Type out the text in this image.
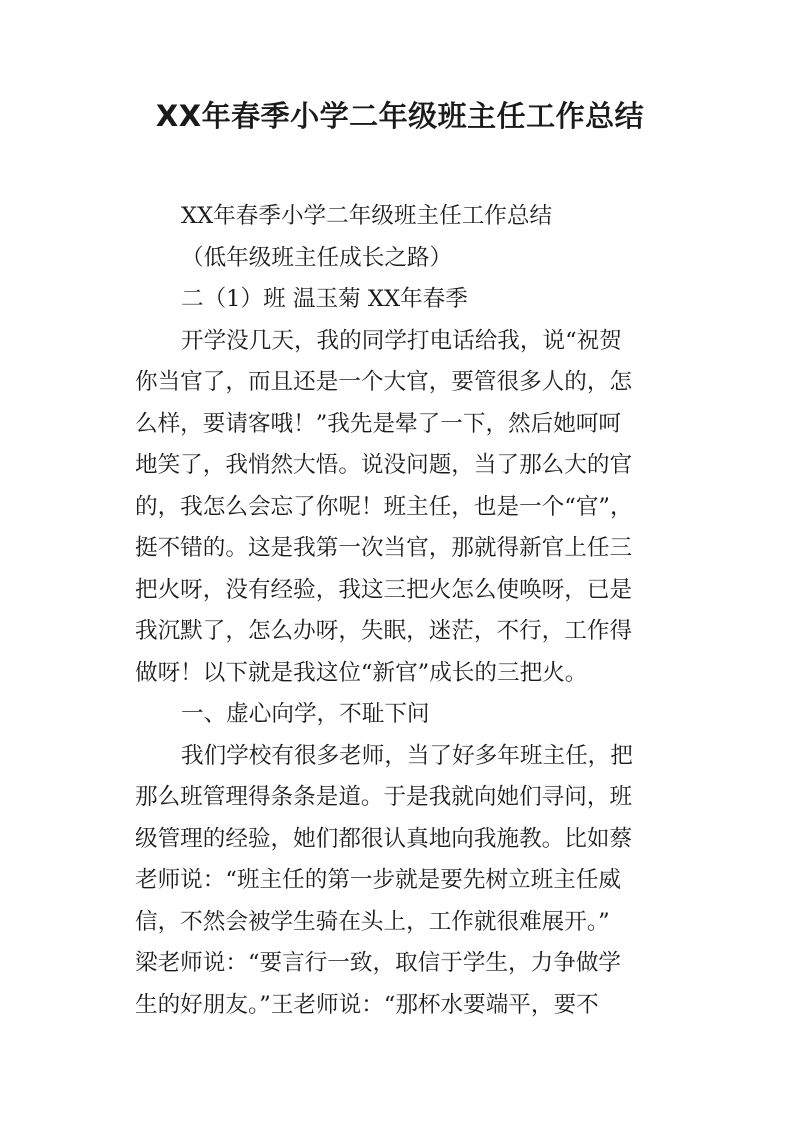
XX年春季小学二年级班主任工作总结
XX年春季小学二年级班主任工作总结
（低年级班主任成长之路）
二（1）班 温玉菊 XX年春季
开学没几天，我的同学打电话给我，说“祝贺
你当官了，而且还是一个大官，要管很多人的，怎
么样，要请客哦！”我先是晕了一下，然后她呵呵
地笑了，我悄然大悟。说没问题，当了那么大的官
的，我怎么会忘了你呢！班主任，也是一个“官”，
挺不错的。这是我第一次当官，那就得新官上任三
把火呀，没有经验，我这三把火怎么使唤呀，已是
我沉默了，怎么办呀，失眠，迷茫，不行，工作得
做呀！以下就是我这位“新官”成长的三把火。
一、虚心向学，不耻下问
我们学校有很多老师，当了好多年班主任，把
那么班管理得条条是道。于是我就向她们寻问，班
级管理的经验，她们都很认真地向我施教。比如蔡
老师说：“班主任的第一步就是要先树立班主任威
信，不然会被学生骑在头上，工作就很难展开。”
梁老师说：“要言行一致，取信于学生，力争做学
生的好朋友。”王老师说：“那杯水要端平，要不
